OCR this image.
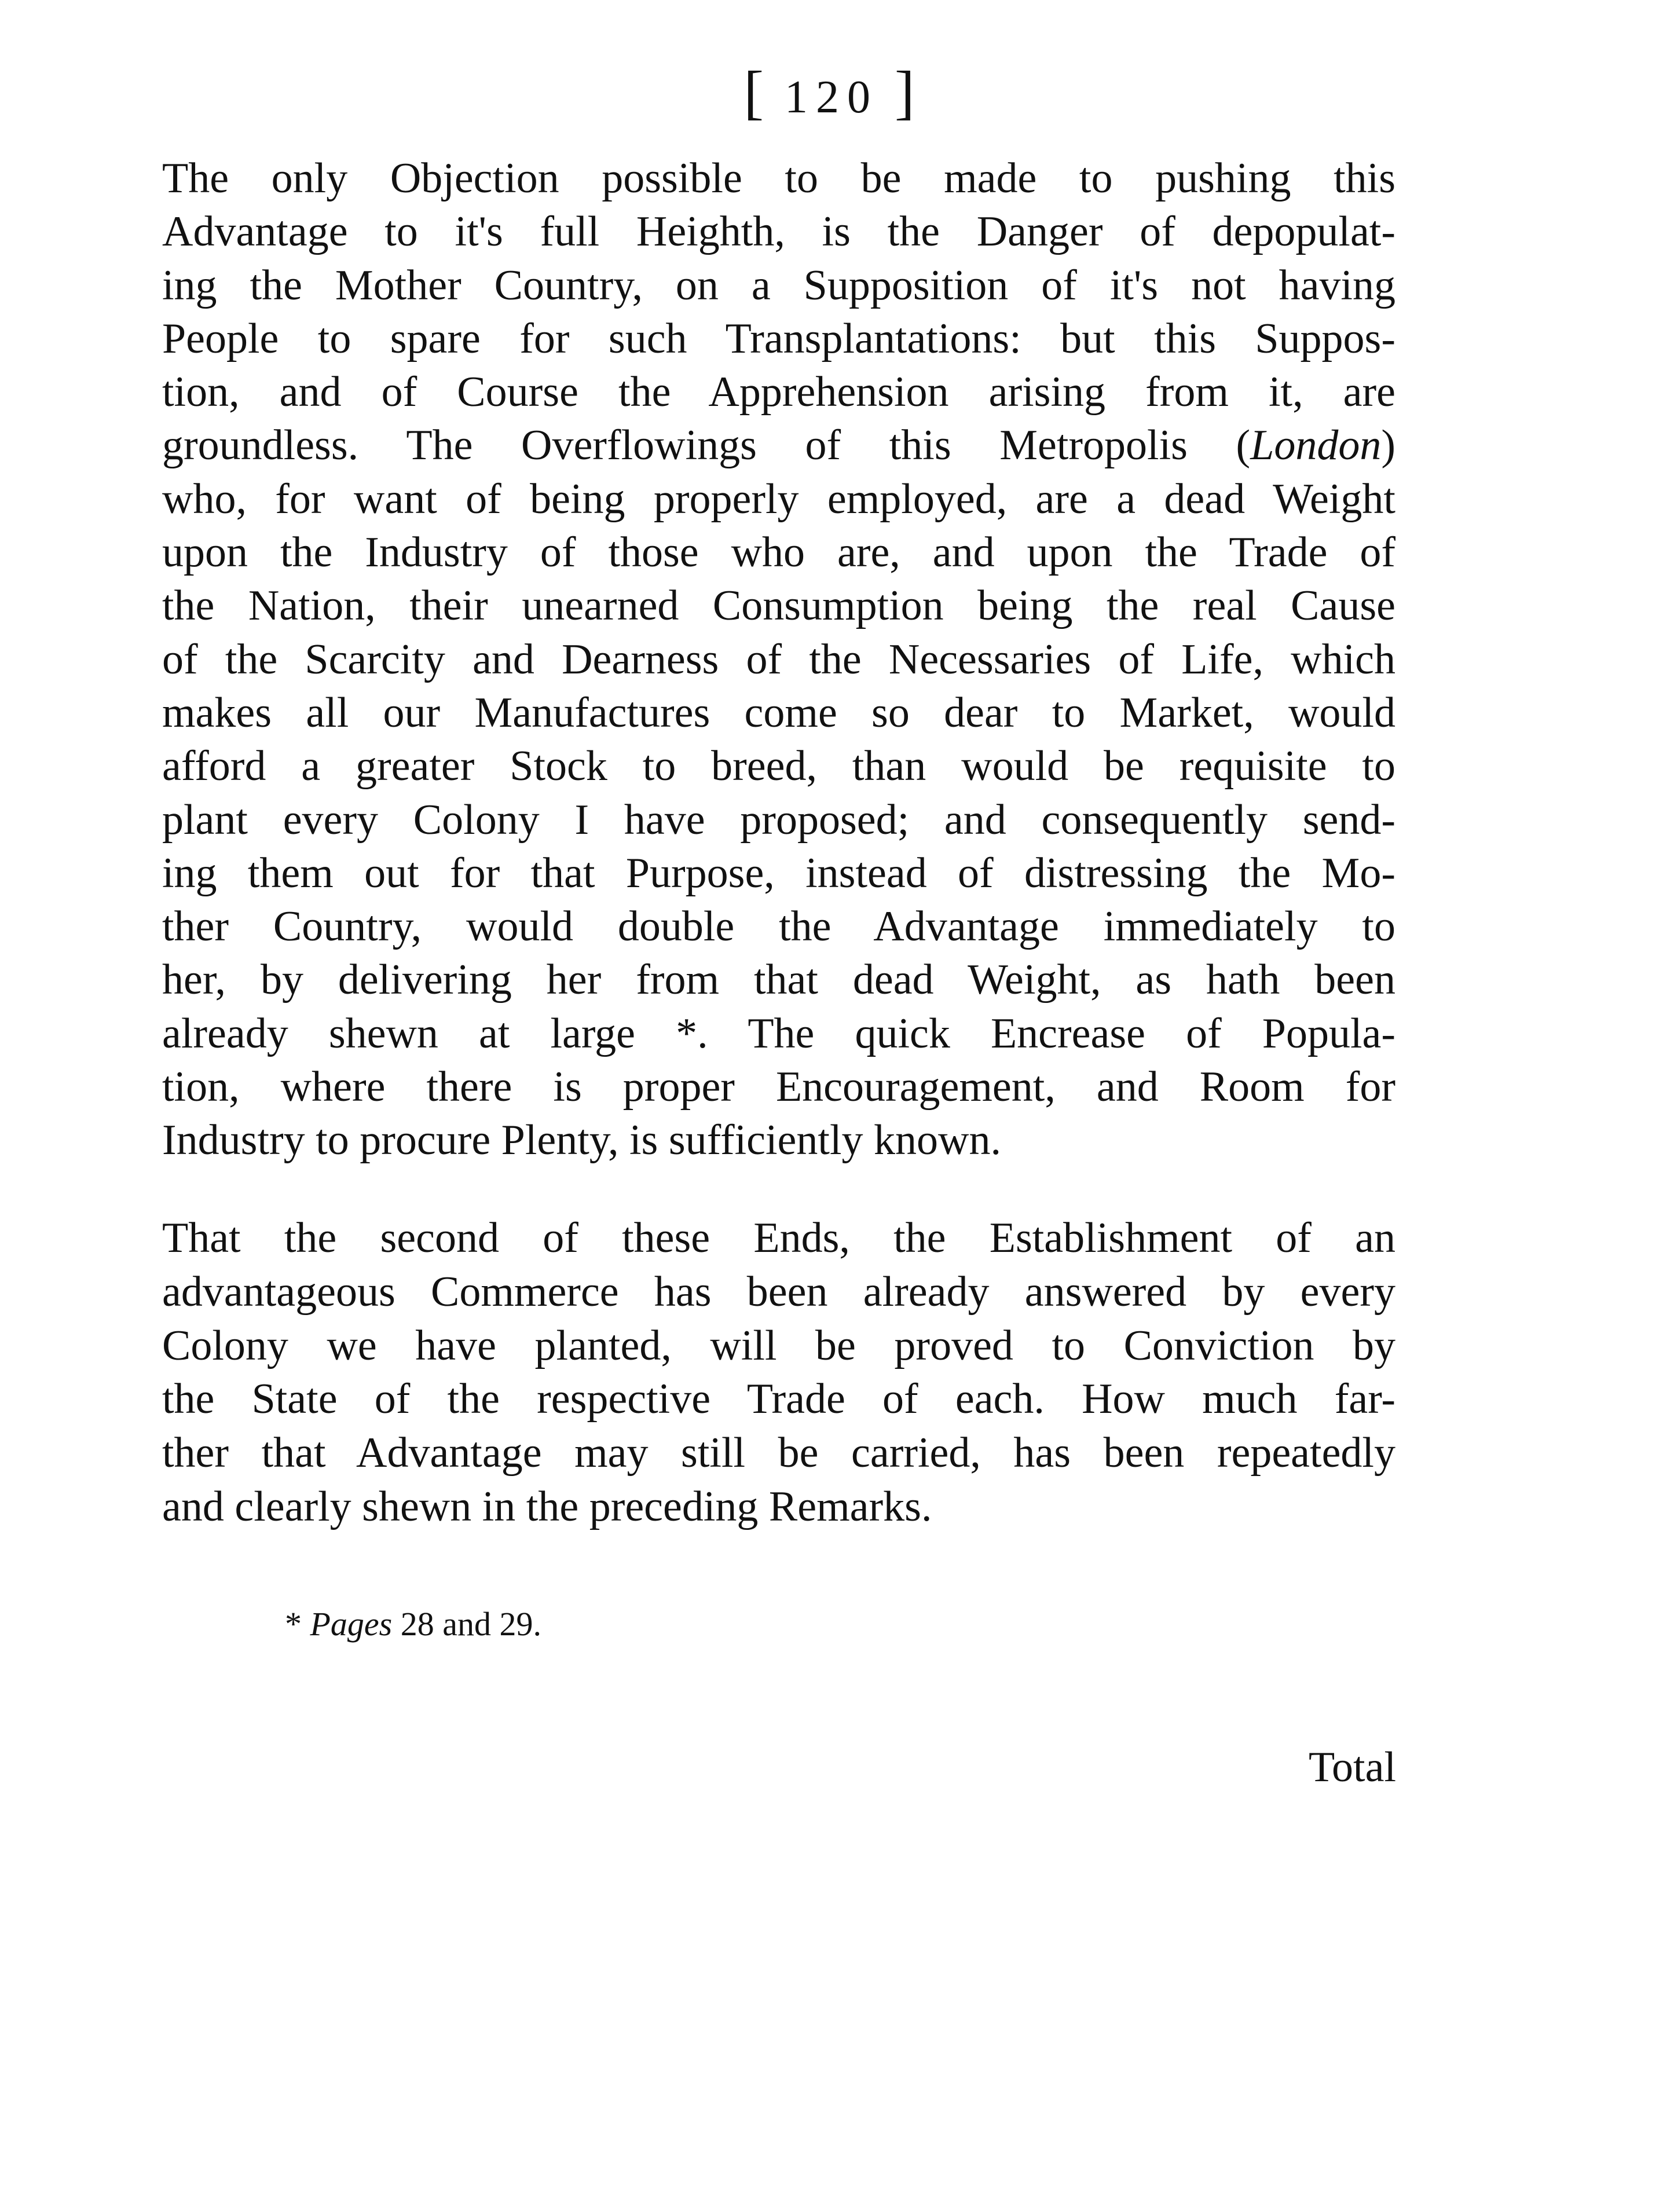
[ 120 ]
The only Objection possible to be made to pushing this
Advantage to it's full Heighth, is the Danger of depopulat-
ing the Mother Country, on a Supposition of it's not having
People to spare for such Transplantations: but this Suppos-
tion, and of Course the Apprehension arising from it, are
groundless. The Overflowings of this Metropolis (London)
who, for want of being properly employed, are a dead Weight
upon the Industry of those who are, and upon the Trade of
the Nation, their unearned Consumption being the real Cause
of the Scarcity and Dearness of the Necessaries of Life, which
makes all our Manufactures come so dear to Market, would
afford a greater Stock to breed, than would be requisite to
plant every Colony I have proposed; and consequently send-
ing them out for that Purpose, instead of distressing the Mo-
ther Country, would double the Advantage immediately to
her, by delivering her from that dead Weight, as hath been
already shewn at large *. The quick Encrease of Popula-
tion, where there is proper Encouragement, and Room for
Industry to procure Plenty, is sufficiently known.
That the second of these Ends, the Establishment of an
advantageous Commerce has been already answered by every
Colony we have planted, will be proved to Conviction by
the State of the respective Trade of each. How much far-
ther that Advantage may still be carried, has been repeatedly
and clearly shewn in the preceding Remarks.

* Pages 28 and 29.

Total
